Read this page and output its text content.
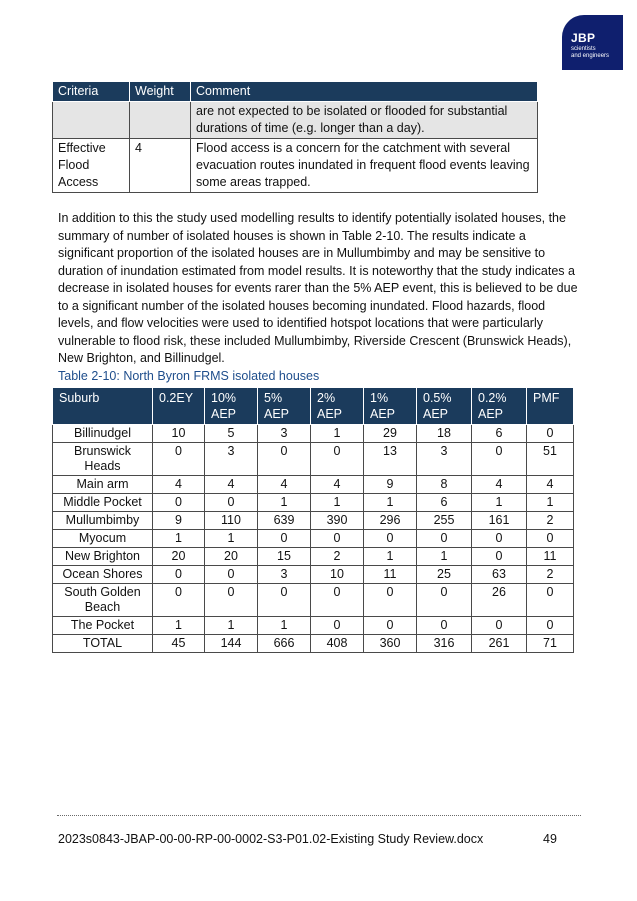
JBP
scientists
and engineers
Criteria	Weight	Comment
		are not expected to be isolated or flooded for substantial durations of time (e.g. longer than a day).
Effective Flood Access	4	Flood access is a concern for the catchment with several evacuation routes inundated in frequent flood events leaving some areas trapped.

In addition to this the study used modelling results to identify potentially isolated houses, the summary of number of isolated houses is shown in Table 2-10. The results indicate a significant proportion of the isolated houses are in Mullumbimby and may be sensitive to duration of inundation estimated from model results. It is noteworthy that the study indicates a decrease in isolated houses for events rarer than the 5% AEP event, this is believed to be due to a significant number of the isolated houses becoming inundated. Flood hazards, flood levels, and flow velocities were used to identified hotspot locations that were particularly vulnerable to flood risk, these included Mullumbimby, Riverside Crescent (Brunswick Heads), New Brighton, and Billinudgel.

Table 2-10: North Byron FRMS isolated houses
Suburb	0.2EY	10% AEP	5% AEP	2% AEP	1% AEP	0.5% AEP	0.2% AEP	PMF
Billinudgel	10	5	3	1	29	18	6	0
Brunswick Heads	0	3	0	0	13	3	0	51
Main arm	4	4	4	4	9	8	4	4
Middle Pocket	0	0	1	1	1	6	1	1
Mullumbimby	9	110	639	390	296	255	161	2
Myocum	1	1	0	0	0	0	0	0
New Brighton	20	20	15	2	1	1	0	11
Ocean Shores	0	0	3	10	11	25	63	2
South Golden Beach	0	0	0	0	0	0	26	0
The Pocket	1	1	1	0	0	0	0	0
TOTAL	45	144	666	408	360	316	261	71
2023s0843-JBAP-00-00-RP-00-0002-S3-P01.02-Existing Study Review.docx	49
